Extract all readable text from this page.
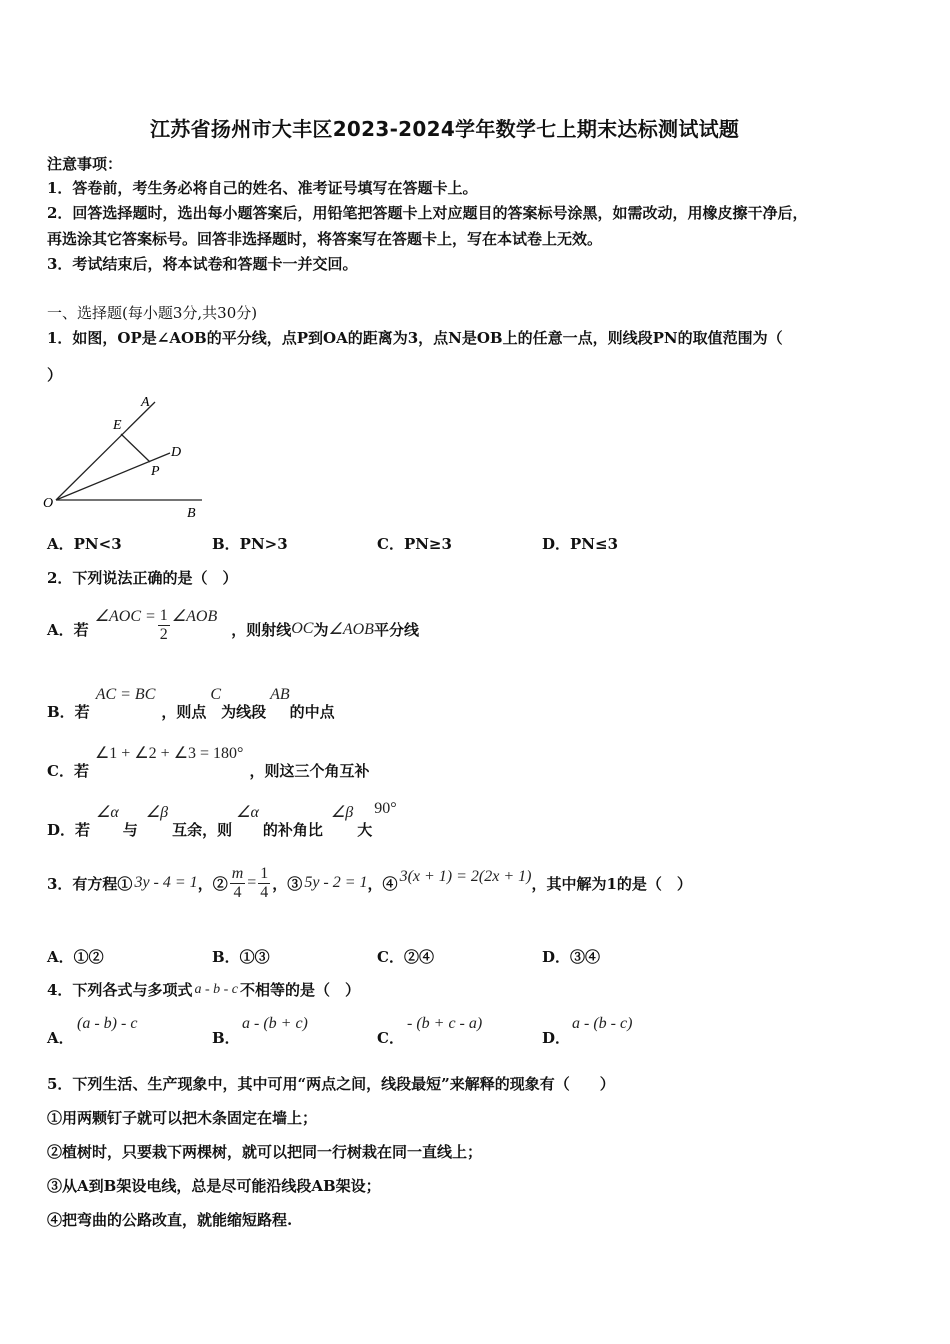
江苏省扬州市大丰区2023-2024学年数学七上期末达标测试试题
注意事项：
1．答卷前，考生务必将自己的姓名、准考证号填写在答题卡上。
2．回答选择题时，选出每小题答案后，用铅笔把答题卡上对应题目的答案标号涂黑，如需改动，用橡皮擦干净后，
再选涂其它答案标号。回答非选择题时，将答案写在答题卡上，写在本试卷上无效。
3．考试结束后，将本试卷和答题卡一并交回。
一、选择题(每小题3分,共30分)
1．如图，OP是∠AOB的平分线，点P到OA的距离为3，点N是OB上的任意一点，则线段PN的取值范围为（
）
A
E
D
P
O
B
A．PN<3	B．PN>3	C．PN≥3	D．PN≤3
2．下列说法正确的是（　）
A．若
∠AOC = $\frac{1}{2}$ ∠AOB
，则射线 OC 为 ∠AOB 平分线
B．若
AC = BC
，则点
C
为线段
AB
的中点
C．若
∠1 + ∠2 + ∠3 = 180°
，则这三个角互补
D．若
∠α
与
∠β
互余，则
∠α
的补角比
∠β
大
90°
3．有方程① 3y - 4 = 1 ，② $\frac{m}{4} = \frac{1}{4}$ ，③ 5y - 2 = 1 ，④ 3(x + 1) = 2(2x + 1) ，其中解为1的是（　）
A．①②	B．①③	C．②④	D．③④
4．下列各式与多项式 a - b - c 不相等的是（　）
A．
(a - b) - c
B．
a - (b + c)
C．
- (b + c - a)
D．
a - (b - c)
5．下列生活、生产现象中，其中可用“两点之间，线段最短”来解释的现象有（　　）
①用两颗钉子就可以把木条固定在墙上；
②植树时，只要栽下两棵树，就可以把同一行树栽在同一直线上；
③从A到B架设电线，总是尽可能沿线段AB架设；
④把弯曲的公路改直，就能缩短路程.
